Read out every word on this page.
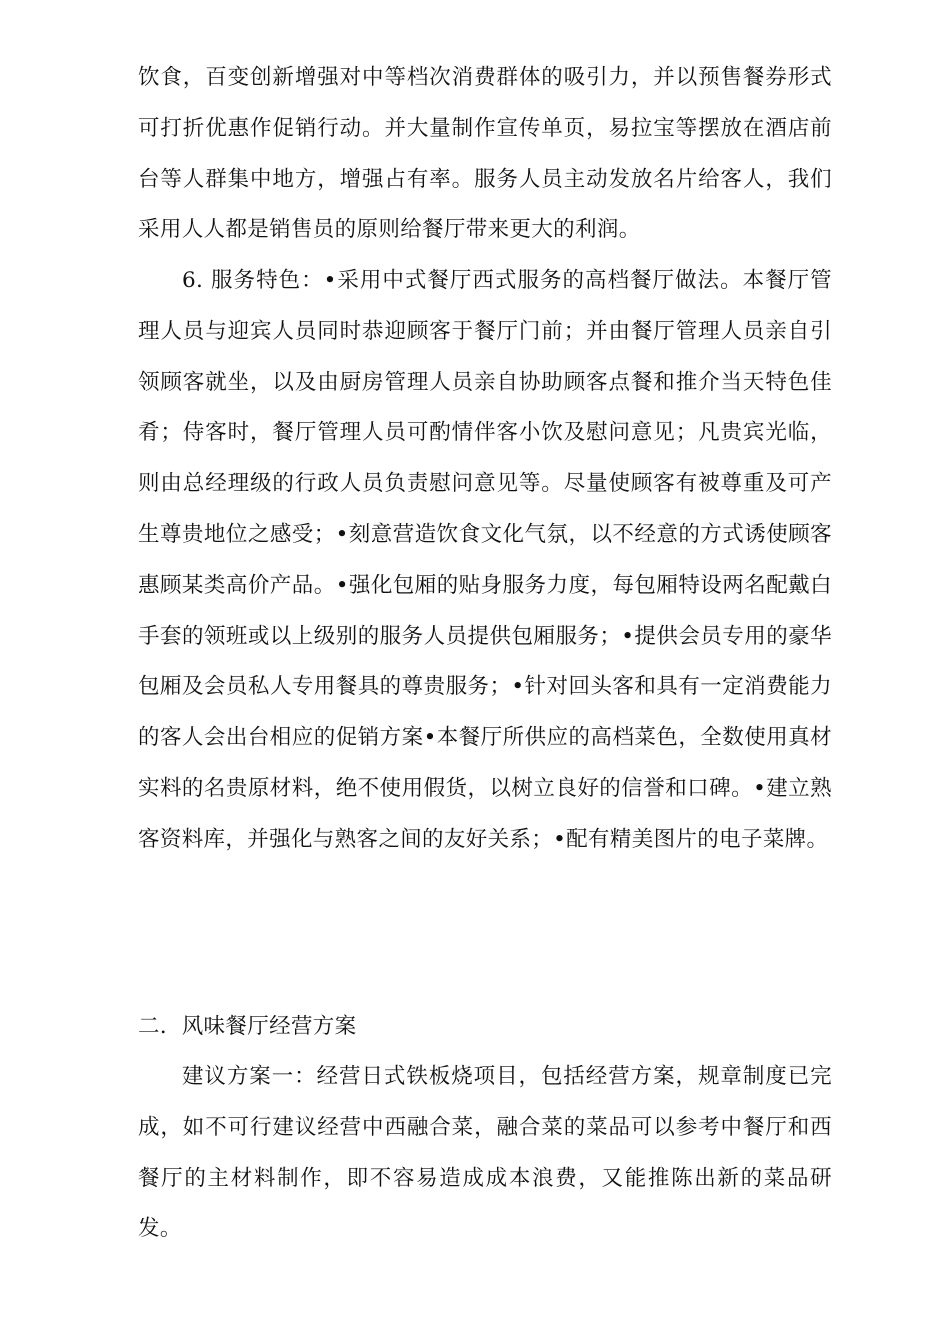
饮食，百变创新增强对中等档次消费群体的吸引力，并以预售餐券形式可打折优惠作促销行动。并大量制作宣传单页，易拉宝等摆放在酒店前台等人群集中地方，增强占有率。服务人员主动发放名片给客人，我们采用人人都是销售员的原则给餐厅带来更大的利润。

6. 服务特色：•采用中式餐厅西式服务的高档餐厅做法。本餐厅管理人员与迎宾人员同时恭迎顾客于餐厅门前；并由餐厅管理人员亲自引领顾客就坐，以及由厨房管理人员亲自协助顾客点餐和推介当天特色佳肴；侍客时，餐厅管理人员可酌情伴客小饮及慰问意见；凡贵宾光临，则由总经理级的行政人员负责慰问意见等。尽量使顾客有被尊重及可产生尊贵地位之感受；•刻意营造饮食文化气氛，以不经意的方式诱使顾客惠顾某类高价产品。•强化包厢的贴身服务力度，每包厢特设两名配戴白手套的领班或以上级别的服务人员提供包厢服务；•提供会员专用的豪华包厢及会员私人专用餐具的尊贵服务；•针对回头客和具有一定消费能力的客人会出台相应的促销方案•本餐厅所供应的高档菜色，全数使用真材实料的名贵原材料，绝不使用假货，以树立良好的信誉和口碑。•建立熟客资料库，并强化与熟客之间的友好关系；•配有精美图片的电子菜牌。

二．风味餐厅经营方案

建议方案一：经营日式铁板烧项目，包括经营方案，规章制度已完成，如不可行建议经营中西融合菜，融合菜的菜品可以参考中餐厅和西餐厅的主材料制作，即不容易造成成本浪费，又能推陈出新的菜品研发。
